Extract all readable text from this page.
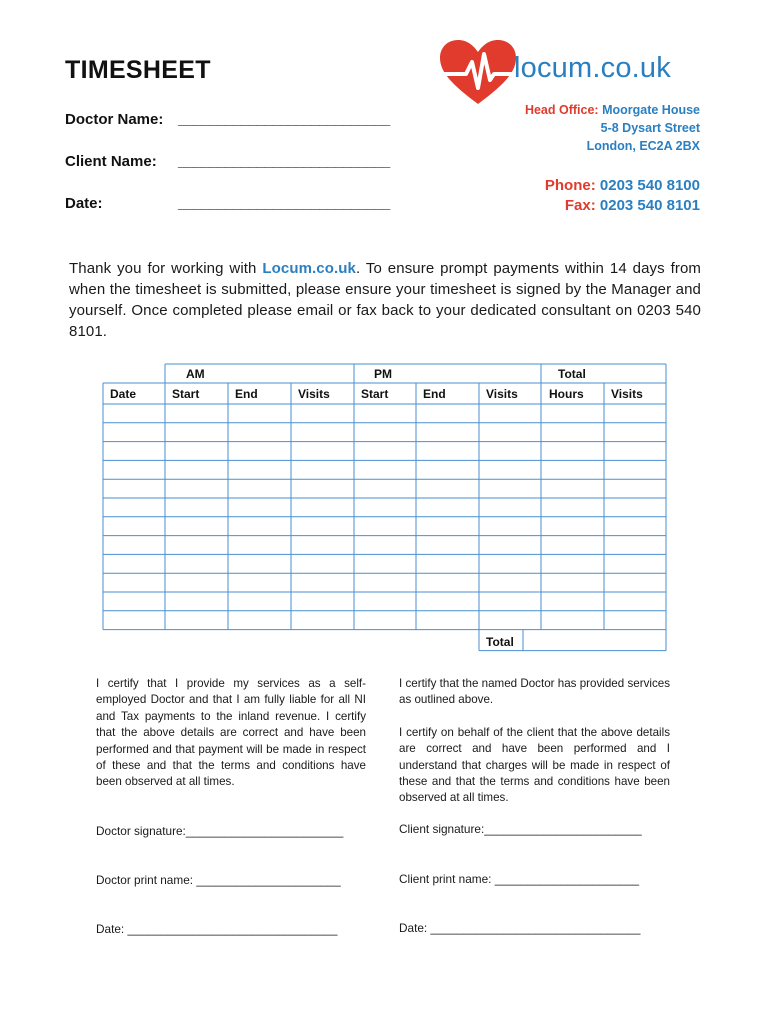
TIMESHEET
Doctor Name: ___________________________
Client Name: ___________________________
Date:	___________________________
locum.co.uk
Head Office: Moorgate House
5-8 Dysart Street
London, EC2A 2BX
Phone: 0203 540 8100
Fax: 0203 540 8101
Thank you for working with Locum.co.uk. To ensure prompt payments within 14 days from when the timesheet is submitted, please ensure your timesheet is signed by the Manager and yourself. Once completed please email or fax back to your dedicated consultant on 0203 540 8101.
AM	PM	Total
Date	Start	End	Visits	Start	End	Visits	Hours Visits
Total

I certify that I provide my services as a self-employed Doctor and that I am fully liable for all NI and Tax payments to the inland revenue. I certify that the above details are correct and have been performed and that payment will be made in respect of these and that the terms and conditions have been observed at all times.

I certify that the named Doctor has provided services as outlined above.

I certify on behalf of the client that the above details are correct and have been performed and I understand that charges will be made in respect of these and that the terms and conditions have been observed at all times.

Doctor signature:________________________
Doctor print name: ______________________
Date: ________________________________
Client signature:________________________
Client print name: ______________________
Date: ________________________________
